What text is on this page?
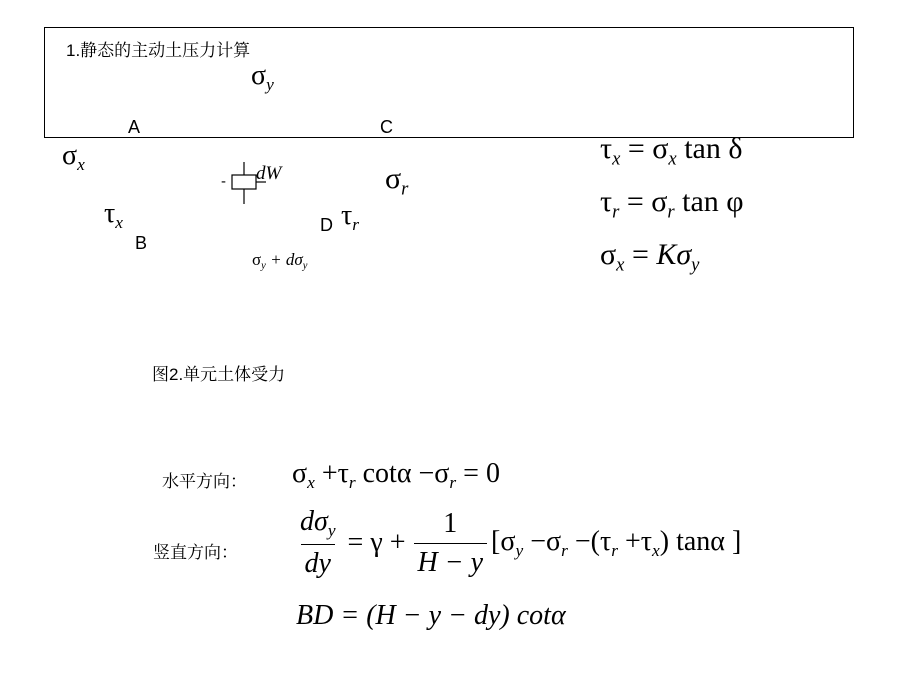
1.静态的主动土压力计算
$\sigma_y$
A	C
$\sigma_x$
- dW	$\sigma_r$
$\tau_x$
B
D $\tau_r$
$\sigma_y + d\sigma_y$
$\tau_x = \sigma_x$ tan δ
$\tau_r = \sigma_r$ tan φ
$\sigma_x = K\sigma_y$
图2.单元土体受力
水平方向： $\sigma_x +\tau_r$ $\cot\alpha -\sigma_r = 0$
竖直方向： $\frac{d\sigma_y}{dy} = \gamma + \frac{1}{H - y} [\sigma_y -\sigma_r -(\tau_r +\tau_x)$ tanα ]
BD = (H − y − dy) cotα
